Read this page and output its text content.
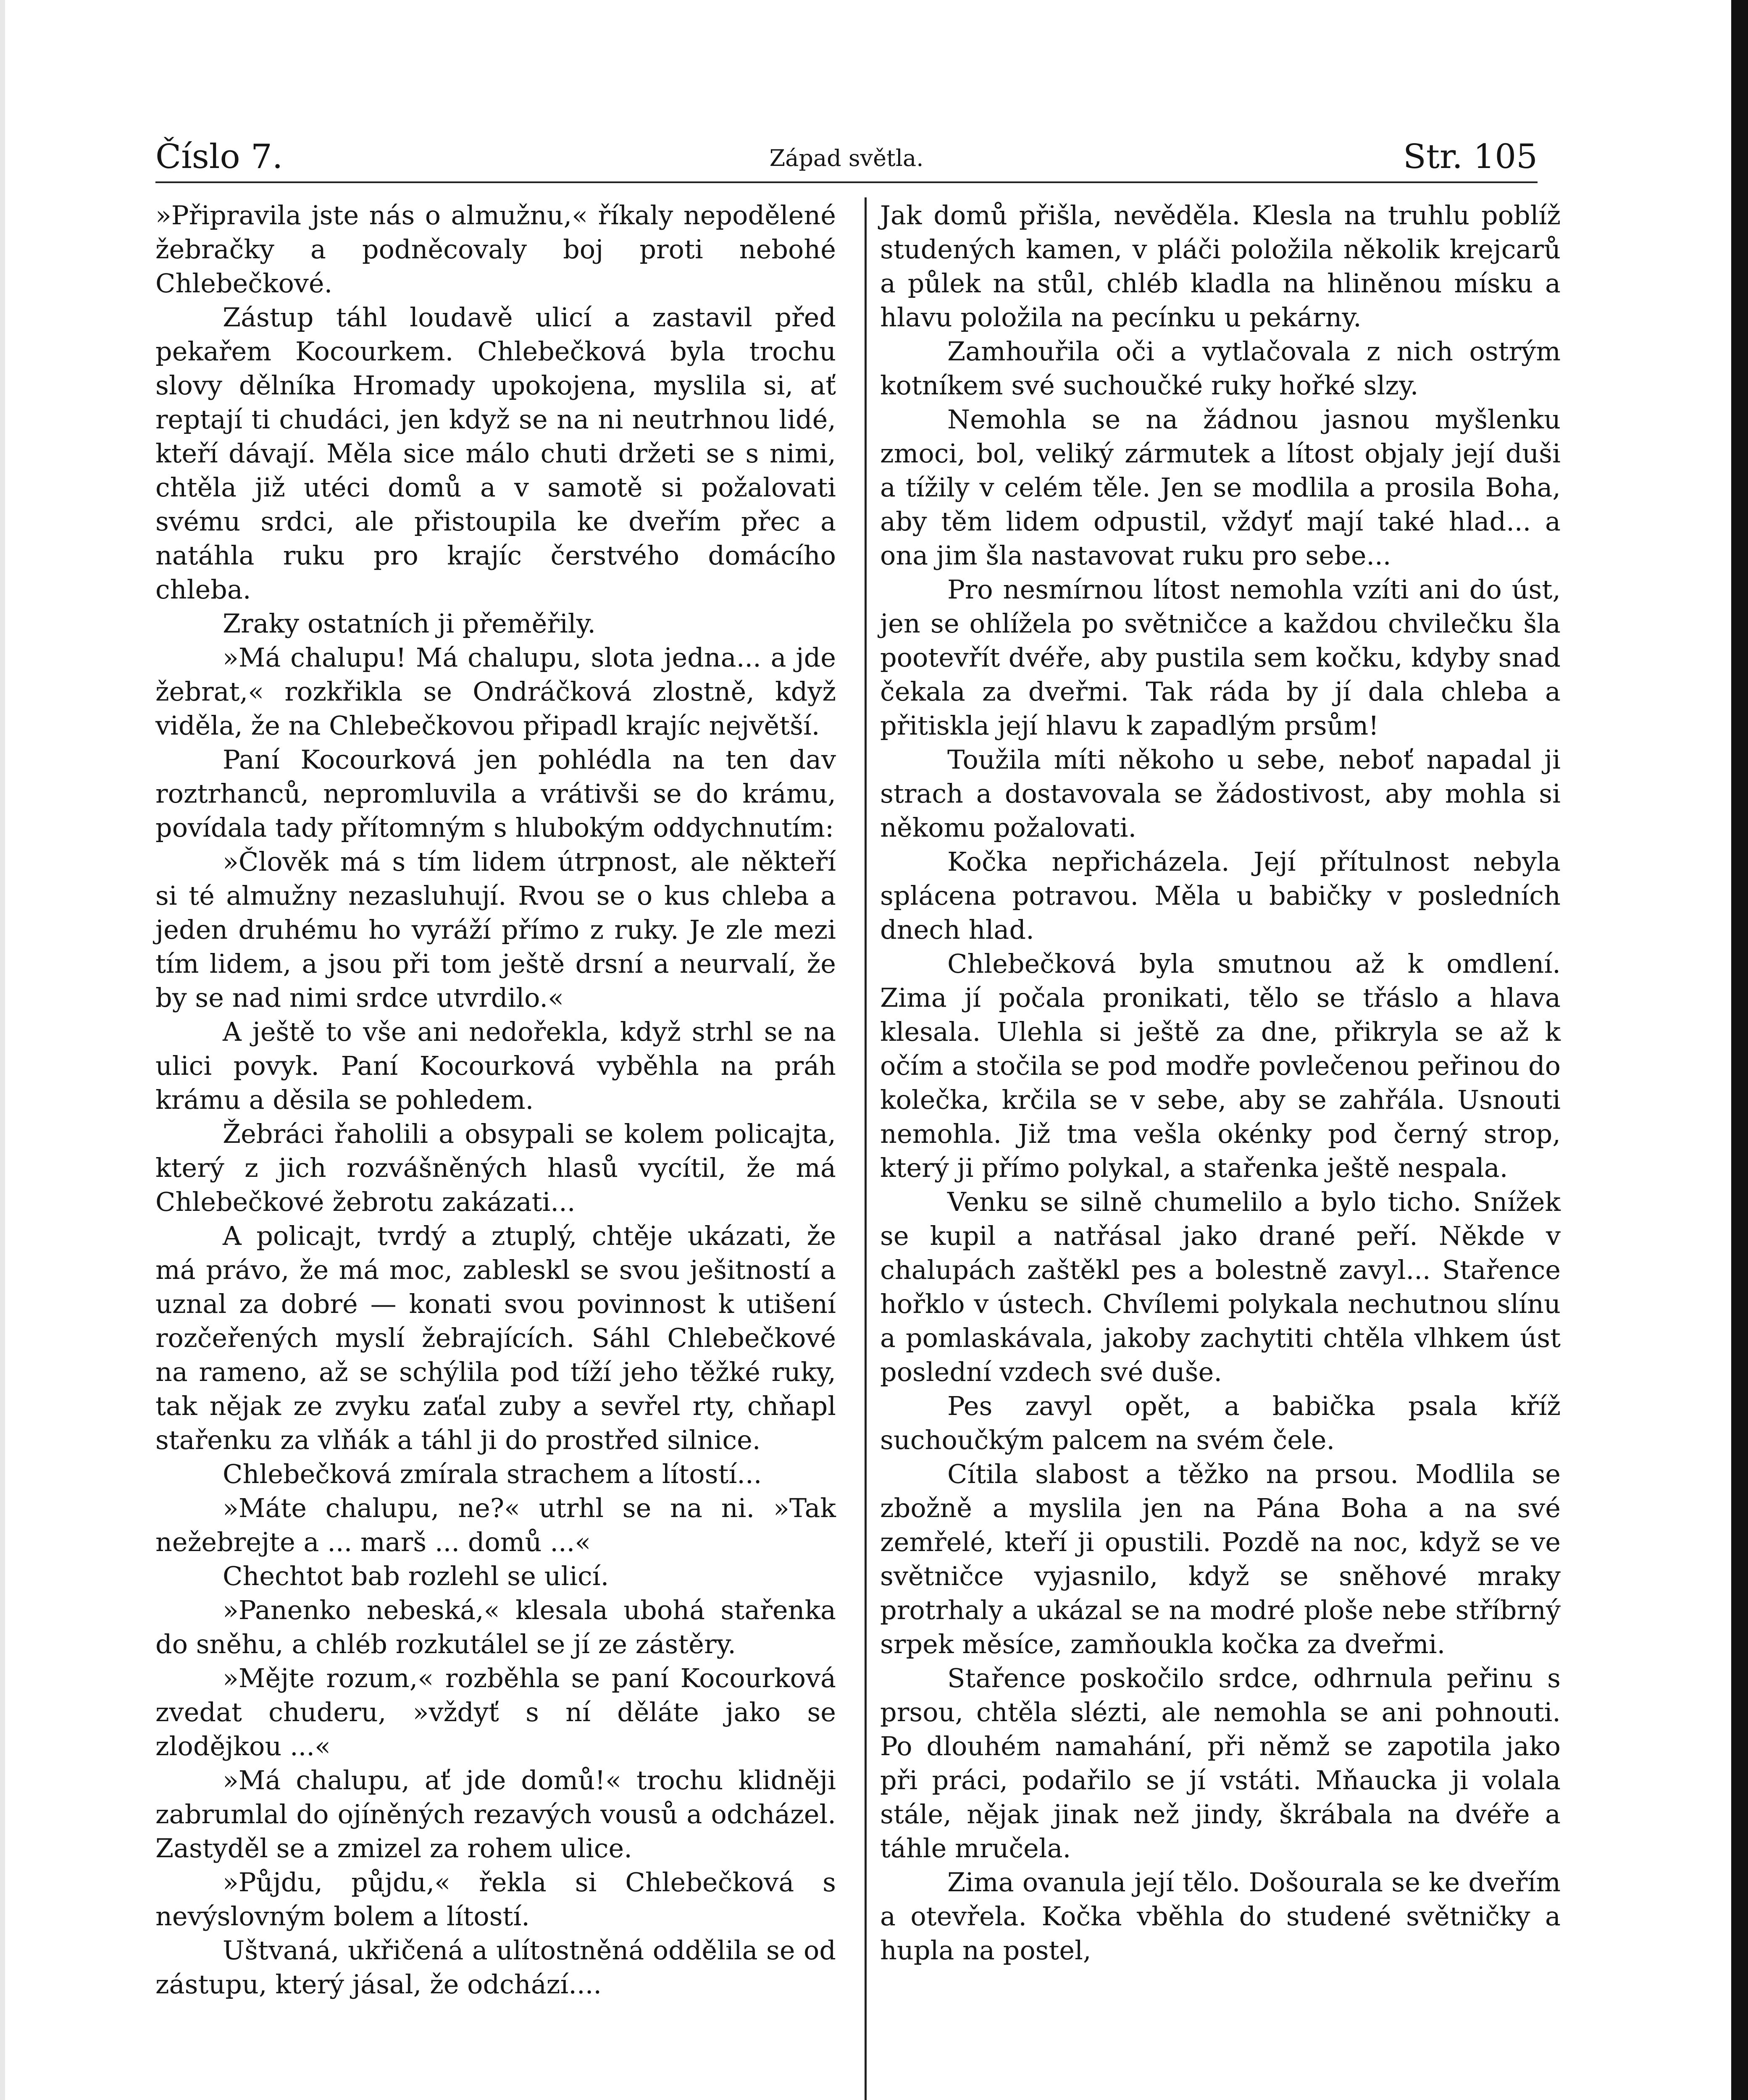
Číslo 7.	Západ světla.	Str. 105

»Připravila jste nás o almužnu,« říkaly nepodělené žebračky a podněcovaly boj proti nebohé Chlebečkové.

Zástup táhl loudavě ulicí a zastavil před pekařem Kocourkem. Chlebečková byla trochu slovy dělníka Hromady upokojena, myslila si, ať reptají ti chudáci, jen když se na ni neutrhnou lidé, kteří dávají. Měla sice málo chuti držeti se s nimi, chtěla již utéci domů a v samotě si požalovati svému srdci, ale přistoupila ke dveřím přec a natáhla ruku pro krajíc čerstvého domácího chleba.

Zraky ostatních ji přeměřily.

»Má chalupu! Má chalupu, slota jedna... a jde žebrat,« rozkřikla se Ondráčková zlostně, když viděla, že na Chlebečkovou připadl krajíc největší.

Paní Kocourková jen pohlédla na ten dav roztrhanců, nepromluvila a vrátivši se do krámu, povídala tady přítomným s hlubokým oddychnutím:

»Člověk má s tím lidem útrpnost, ale někteří si té almužny nezasluhují. Rvou se o kus chleba a jeden druhému ho vyráží přímo z ruky. Je zle mezi tím lidem, a jsou při tom ještě drsní a neurvalí, že by se nad nimi srdce utvrdilo.«

A ještě to vše ani nedořekla, když strhl se na ulici povyk. Paní Kocourková vyběhla na práh krámu a děsila se pohledem.

Žebráci řaholili a obsypali se kolem policajta, který z jich rozvášněných hlasů vycítil, že má Chlebečkové žebrotu zakázati...

A policajt, tvrdý a ztuplý, chtěje ukázati, že má právo, že má moc, zableskl se svou ješitností a uznal za dobré — konati svou povinnost k utišení rozčeřených myslí žebrajících. Sáhl Chlebečkové na rameno, až se schýlila pod tíží jeho těžké ruky, tak nějak ze zvyku zaťal zuby a sevřel rty, chňapl stařenku za vlňák a táhl ji do prostřed silnice.

Chlebečková zmírala strachem a lítostí...

»Máte chalupu, ne?« utrhl se na ni. »Tak nežebrejte a ... marš ... domů ...«

Chechtot bab rozlehl se ulicí.

»Panenko nebeská,« klesala ubohá stařenka do sněhu, a chléb rozkutálel se jí ze zástěry.

»Mějte rozum,« rozběhla se paní Kocourková zvedat chuderu, »vždyť s ní děláte jako se zlodějkou ...«

»Má chalupu, ať jde domů!« trochu klidněji zabrumlal do ojíněných rezavých vousů a odcházel. Zastyděl se a zmizel za rohem ulice.

»Půjdu, půjdu,« řekla si Chlebečková s nevýslovným bolem a lítostí.

Uštvaná, ukřičená a ulítostněná oddělila se od zástupu, který jásal, že odchází....

Jak domů přišla, nevěděla. Klesla na truhlu poblíž studených kamen, v pláči položila několik krejcarů a půlek na stůl, chléb kladla na hliněnou mísku a hlavu položila na pecínku u pekárny.

Zamhouřila oči a vytlačovala z nich ostrým kotníkem své suchoučké ruky hořké slzy.

Nemohla se na žádnou jasnou myšlenku zmoci, bol, veliký zármutek a lítost objaly její duši a tížily v celém těle. Jen se modlila a prosila Boha, aby těm lidem odpustil, vždyť mají také hlad... a ona jim šla nastavovat ruku pro sebe...

Pro nesmírnou lítost nemohla vzíti ani do úst, jen se ohlížela po světničce a každou chvilečku šla pootevřít dvéře, aby pustila sem kočku, kdyby snad čekala za dveřmi. Tak ráda by jí dala chleba a přitiskla její hlavu k zapadlým prsům!

Toužila míti někoho u sebe, neboť napadal ji strach a dostavovala se žádostivost, aby mohla si někomu požalovati.

Kočka nepřicházela. Její přítulnost nebyla splácena potravou. Měla u babičky v posledních dnech hlad.

Chlebečková byla smutnou až k omdlení. Zima jí počala pronikati, tělo se třáslo a hlava klesala. Ulehla si ještě za dne, přikryla se až k očím a stočila se pod modře povlečenou peřinou do kolečka, krčila se v sebe, aby se zahřála. Usnouti nemohla. Již tma vešla okénky pod černý strop, který ji přímo polykal, a stařenka ještě nespala.

Venku se silně chumelilo a bylo ticho. Snížek se kupil a natřásal jako drané peří. Někde v chalupách zaštěkl pes a bolestně zavyl... Stařence hořklo v ústech. Chvílemi polykala nechutnou slínu a pomlaskávala, jakoby zachytiti chtěla vlhkem úst poslední vzdech své duše.

Pes zavyl opět, a babička psala kříž suchoučkým palcem na svém čele.

Cítila slabost a těžko na prsou. Modlila se zbožně a myslila jen na Pána Boha a na své zemřelé, kteří ji opustili. Pozdě na noc, když se ve světničce vyjasnilo, když se sněhové mraky protrhaly a ukázal se na modré ploše nebe stříbrný srpek měsíce, zamňoukla kočka za dveřmi.

Stařence poskočilo srdce, odhrnula peřinu s prsou, chtěla slézti, ale nemohla se ani pohnouti. Po dlouhém namahání, při němž se zapotila jako při práci, podařilo se jí vstáti. Mňaucka ji volala stále, nějak jinak než jindy, škrábala na dvéře a táhle mručela.

Zima ovanula její tělo. Došourala se ke dveřím a otevřela. Kočka vběhla do studené světničky a hupla na postel,
